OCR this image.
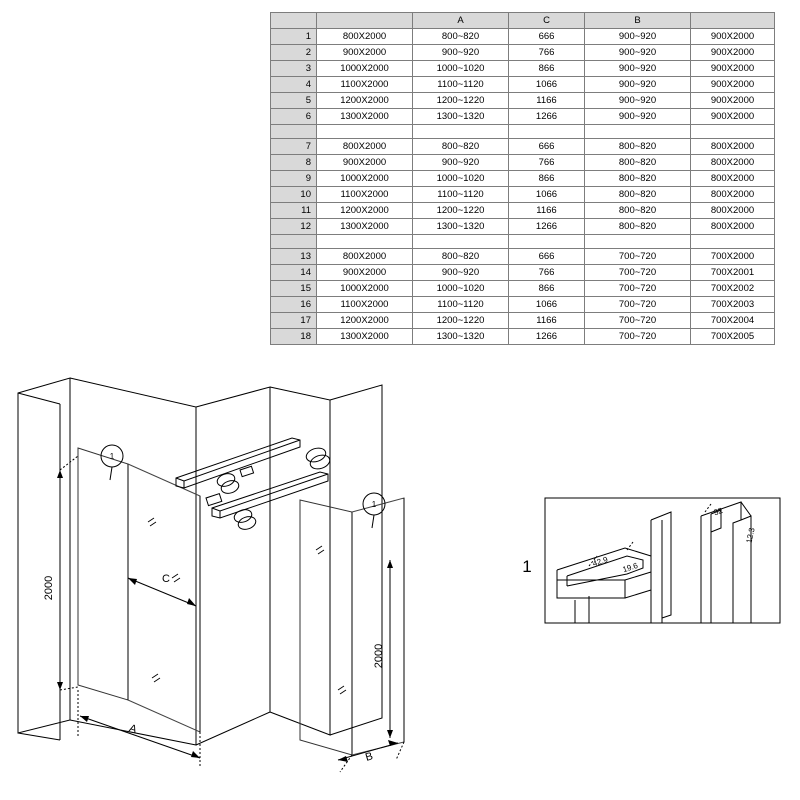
		A	C	B	
1	800X2000	800~820	666	900~920	900X2000
2	900X2000	900~920	766	900~920	900X2000
3	1000X2000	1000~1020	866	900~920	900X2000
4	1100X2000	1100~1120	1066	900~920	900X2000
5	1200X2000	1200~1220	1166	900~920	900X2000
6	1300X2000	1300~1320	1266	900~920	900X2000

7	800X2000	800~820	666	800~820	800X2000
8	900X2000	900~920	766	800~820	800X2000
9	1000X2000	1000~1020	866	800~820	800X2000
10	1100X2000	1100~1120	1066	800~820	800X2000
11	1200X2000	1200~1220	1166	800~820	800X2000
12	1300X2000	1300~1320	1266	800~820	800X2000

13	800X2000	800~820	666	700~720	700X2000
14	900X2000	900~920	766	700~720	700X2001
15	1000X2000	1000~1020	866	700~720	700X2002
16	1100X2000	1100~1120	1066	700~720	700X2003
17	1200X2000	1200~1220	1166	700~720	700X2004
18	1300X2000	1300~1320	1266	700~720	700X2005
2000
2000
A
B
C
1
1
1	42.9 19.6
32
12.3
